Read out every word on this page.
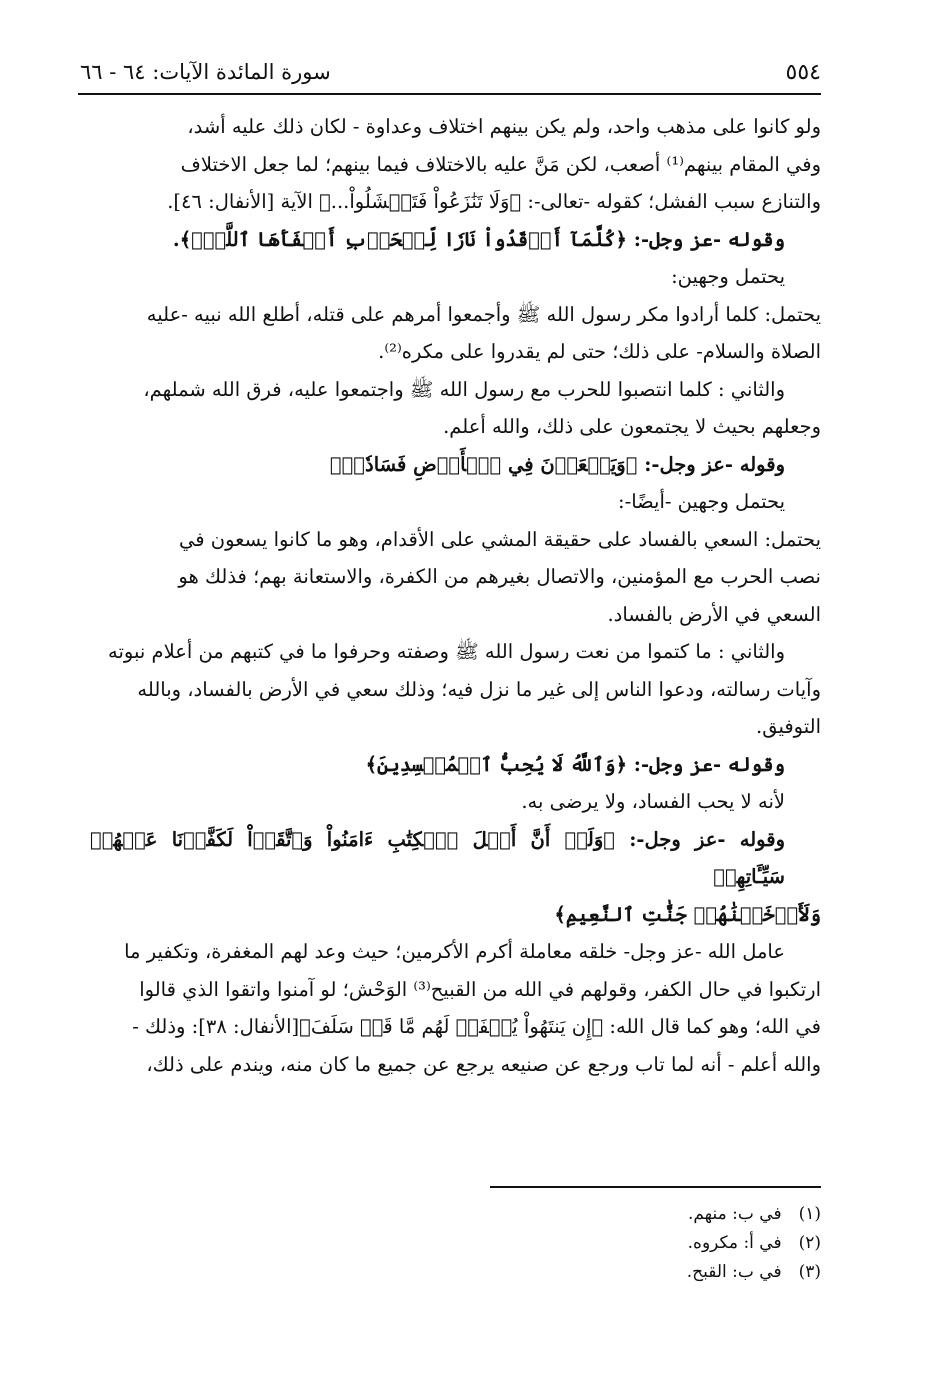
٥٥٤
سورة المائدة الآيات: ٦٤ - ٦٦

ولو كانوا على مذهب واحد، ولم يكن بينهم اختلاف وعداوة - لكان ذلك عليه أشد،

وفي المقام بينهم⁽¹⁾ أصعب، لكن مَنَّ عليه بالاختلاف فيما بينهم؛ لما جعل الاختلاف

والتنازع سبب الفشل؛ كقوله -تعالى-: ﴿وَلَا تَنَٰزَعُواْ فَتَفۡشَلُواْ...﴾ الآية [الأنفال: ٤٦].

وقوله -عز وجل-: ﴿كُلَّمَآ أَوۡقَدُواْ نَارٗا لِّلۡحَرۡبِ أَطۡفَأَهَا ٱللَّهُۚ﴾.

يحتمل وجهين:

يحتمل: كلما أرادوا مكر رسول الله ﷺ وأجمعوا أمرهم على قتله، أطلع الله نبيه -عليه

الصلاة والسلام- على ذلك؛ حتى لم يقدروا على مكره⁽²⁾.

والثاني : كلما انتصبوا للحرب مع رسول الله ﷺ واجتمعوا عليه، فرق الله شملهم،

وجعلهم بحيث لا يجتمعون على ذلك، والله أعلم.

وقوله -عز وجل-: ﴿وَيَسۡعَوۡنَ فِي ٱلۡأَرۡضِ فَسَادٗاۚ﴾

يحتمل وجهين -أيضًا-:

يحتمل: السعي بالفساد على حقيقة المشي على الأقدام، وهو ما كانوا يسعون في

نصب الحرب مع المؤمنين، والاتصال بغيرهم من الكفرة، والاستعانة بهم؛ فذلك هو

السعي في الأرض بالفساد.

والثاني : ما كتموا من نعت رسول الله ﷺ وصفته وحرفوا ما في كتبهم من أعلام نبوته

وآيات رسالته، ودعوا الناس إلى غير ما نزل فيه؛ وذلك سعي في الأرض بالفساد، وبالله

التوفيق.

وقوله -عز وجل-: ﴿وَٱللَّهُ لَا يُحِبُّ ٱلۡمُفۡسِدِينَ﴾

لأنه لا يحب الفساد، ولا يرضى به.

وقوله -عز وجل-: ﴿وَلَوۡ أَنَّ أَهۡلَ ٱلۡكِتَٰبِ ءَامَنُواْ وَٱتَّقَوۡاْ لَكَفَّرۡنَا عَنۡهُمۡ سَيِّـَٔاتِهِمۡ

وَلَأَدۡخَلۡنَٰهُمۡ جَنَّٰتِ ٱلنَّعِيمِ﴾

عامل الله -عز وجل- خلقه معاملة أكرم الأكرمين؛ حيث وعد لهم المغفرة، وتكفير ما

ارتكبوا في حال الكفر، وقولهم في الله من القبيح⁽³⁾ الوَحْش؛ لو آمنوا واتقوا الذي قالوا

في الله؛ وهو كما قال الله: ﴿إِن يَنتَهُواْ يُغۡفَرۡ لَهُم مَّا قَدۡ سَلَفَ﴾[الأنفال: ٣٨]: وذلك -

والله أعلم - أنه لما تاب ورجع عن صنيعه يرجع عن جميع ما كان منه، ويندم على ذلك،

(١) في ب: منهم.
(٢) في أ: مكروه.
(٣) في ب: القبح.
